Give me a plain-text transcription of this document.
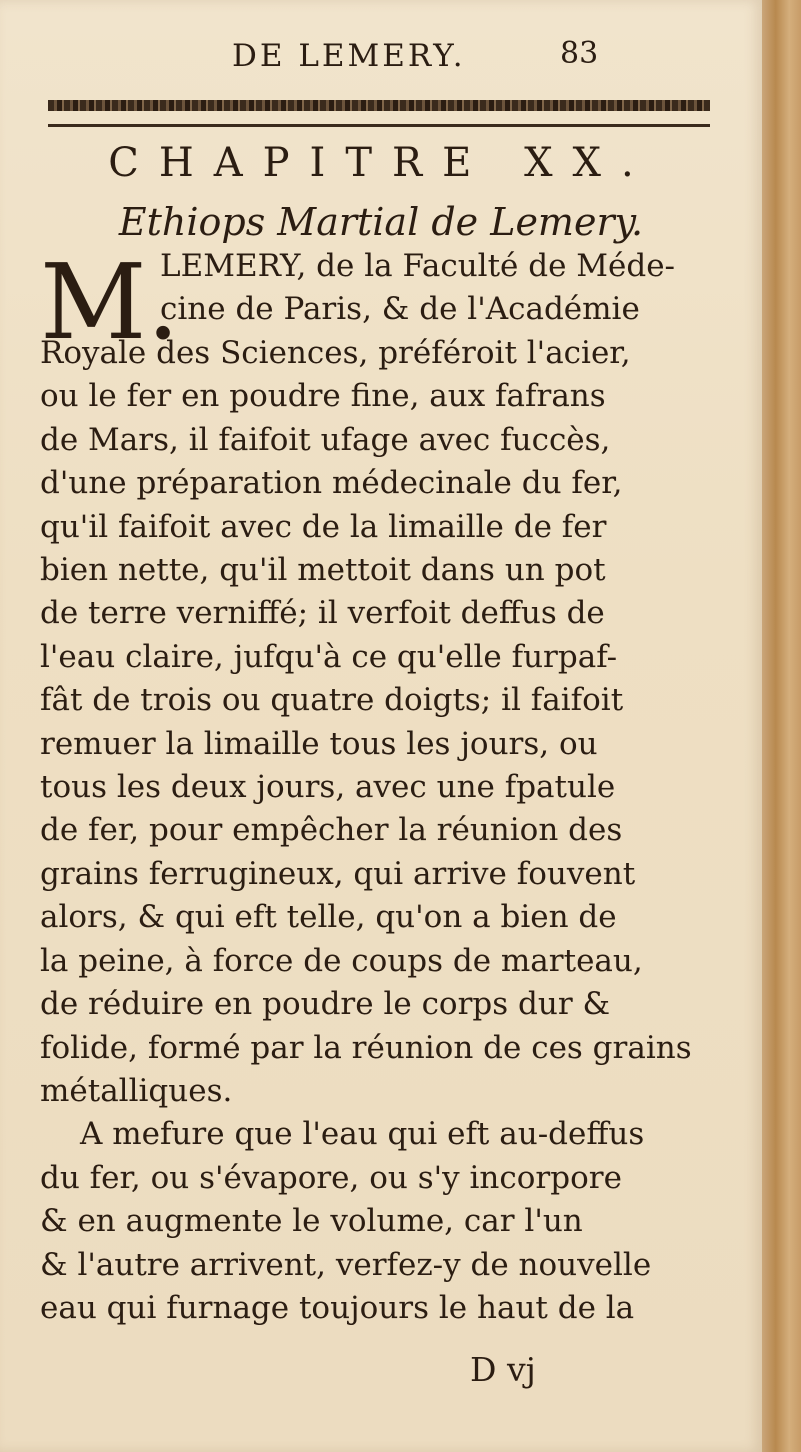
DE LEMERY.	83
CHAPITRE XX.
Ethiops Martial de Lemery.
M.
LEMERY, de la Faculté de Méde-
cine de Paris, & de l'Académie
Royale des Sciences, préféroit l'acier,
ou le fer en poudre fine, aux fafrans
de Mars, il faifoit ufage avec fuccès,
d'une préparation médecinale du fer,
qu'il faifoit avec de la limaille de fer
bien nette, qu'il mettoit dans un pot
de terre verniffé; il verfoit deffus de
l'eau claire, jufqu'à ce qu'elle furpaf-
fât de trois ou quatre doigts; il faifoit
remuer la limaille tous les jours, ou
tous les deux jours, avec une fpatule
de fer, pour empêcher la réunion des
grains ferrugineux, qui arrive fouvent
alors, & qui eft telle, qu'on a bien de
la peine, à force de coups de marteau,
de réduire en poudre le corps dur &
folide, formé par la réunion de ces grains
métalliques.
A mefure que l'eau qui eft au-deffus
du fer, ou s'évapore, ou s'y incorpore
& en augmente le volume, car l'un
& l'autre arrivent, verfez-y de nouvelle
eau qui furnage toujours le haut de la
D vj
